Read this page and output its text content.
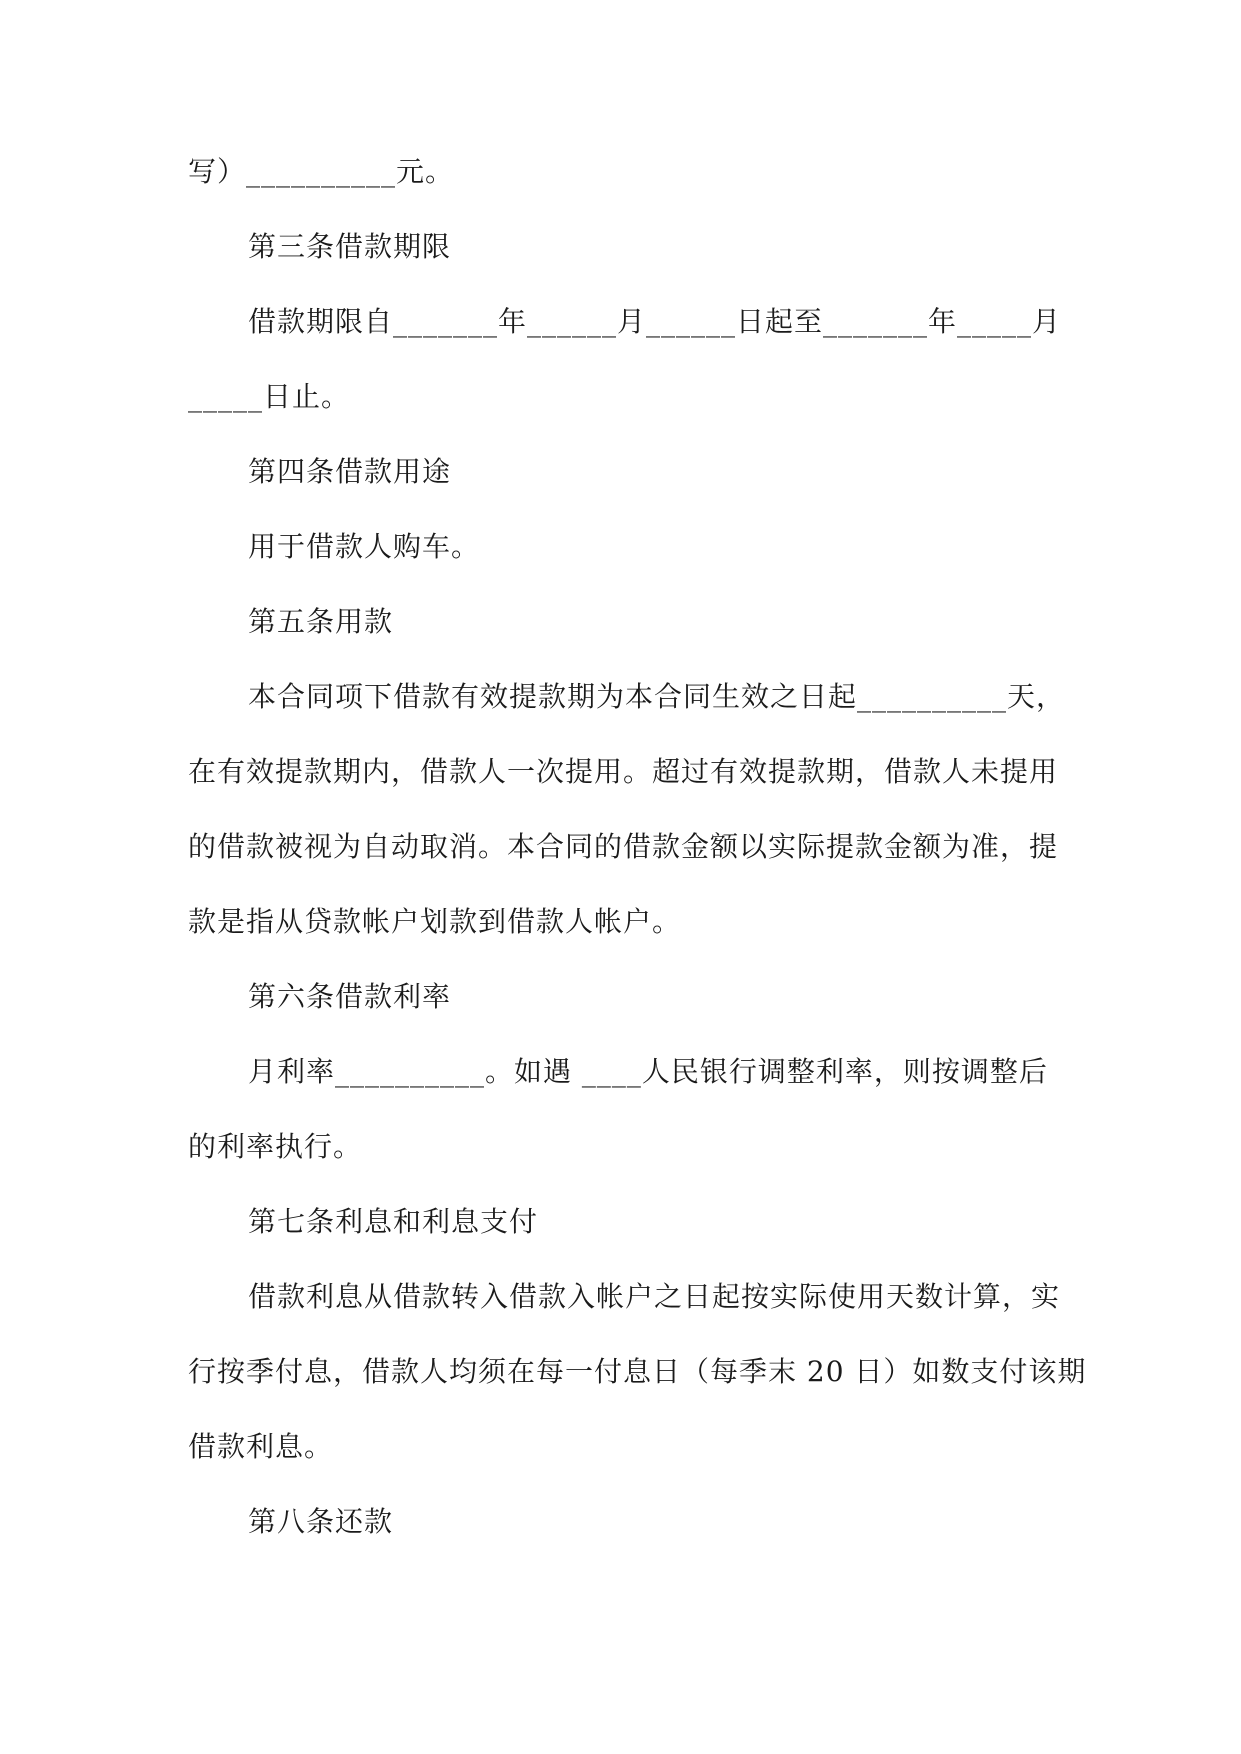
写）__________元。
第三条借款期限
借款期限自_______年______月______日起至_______年_____月
_____日止。
第四条借款用途
用于借款人购车。
第五条用款
本合同项下借款有效提款期为本合同生效之日起__________天，
在有效提款期内，借款人一次提用。超过有效提款期，借款人未提用
的借款被视为自动取消。本合同的借款金额以实际提款金额为准，提
款是指从贷款帐户划款到借款人帐户。
第六条借款利率
月利率__________。如遇 ____人民银行调整利率，则按调整后
的利率执行。
第七条利息和利息支付
借款利息从借款转入借款入帐户之日起按实际使用天数计算，实
行按季付息，借款人均须在每一付息日（每季末 20 日）如数支付该期
借款利息。
第八条还款
